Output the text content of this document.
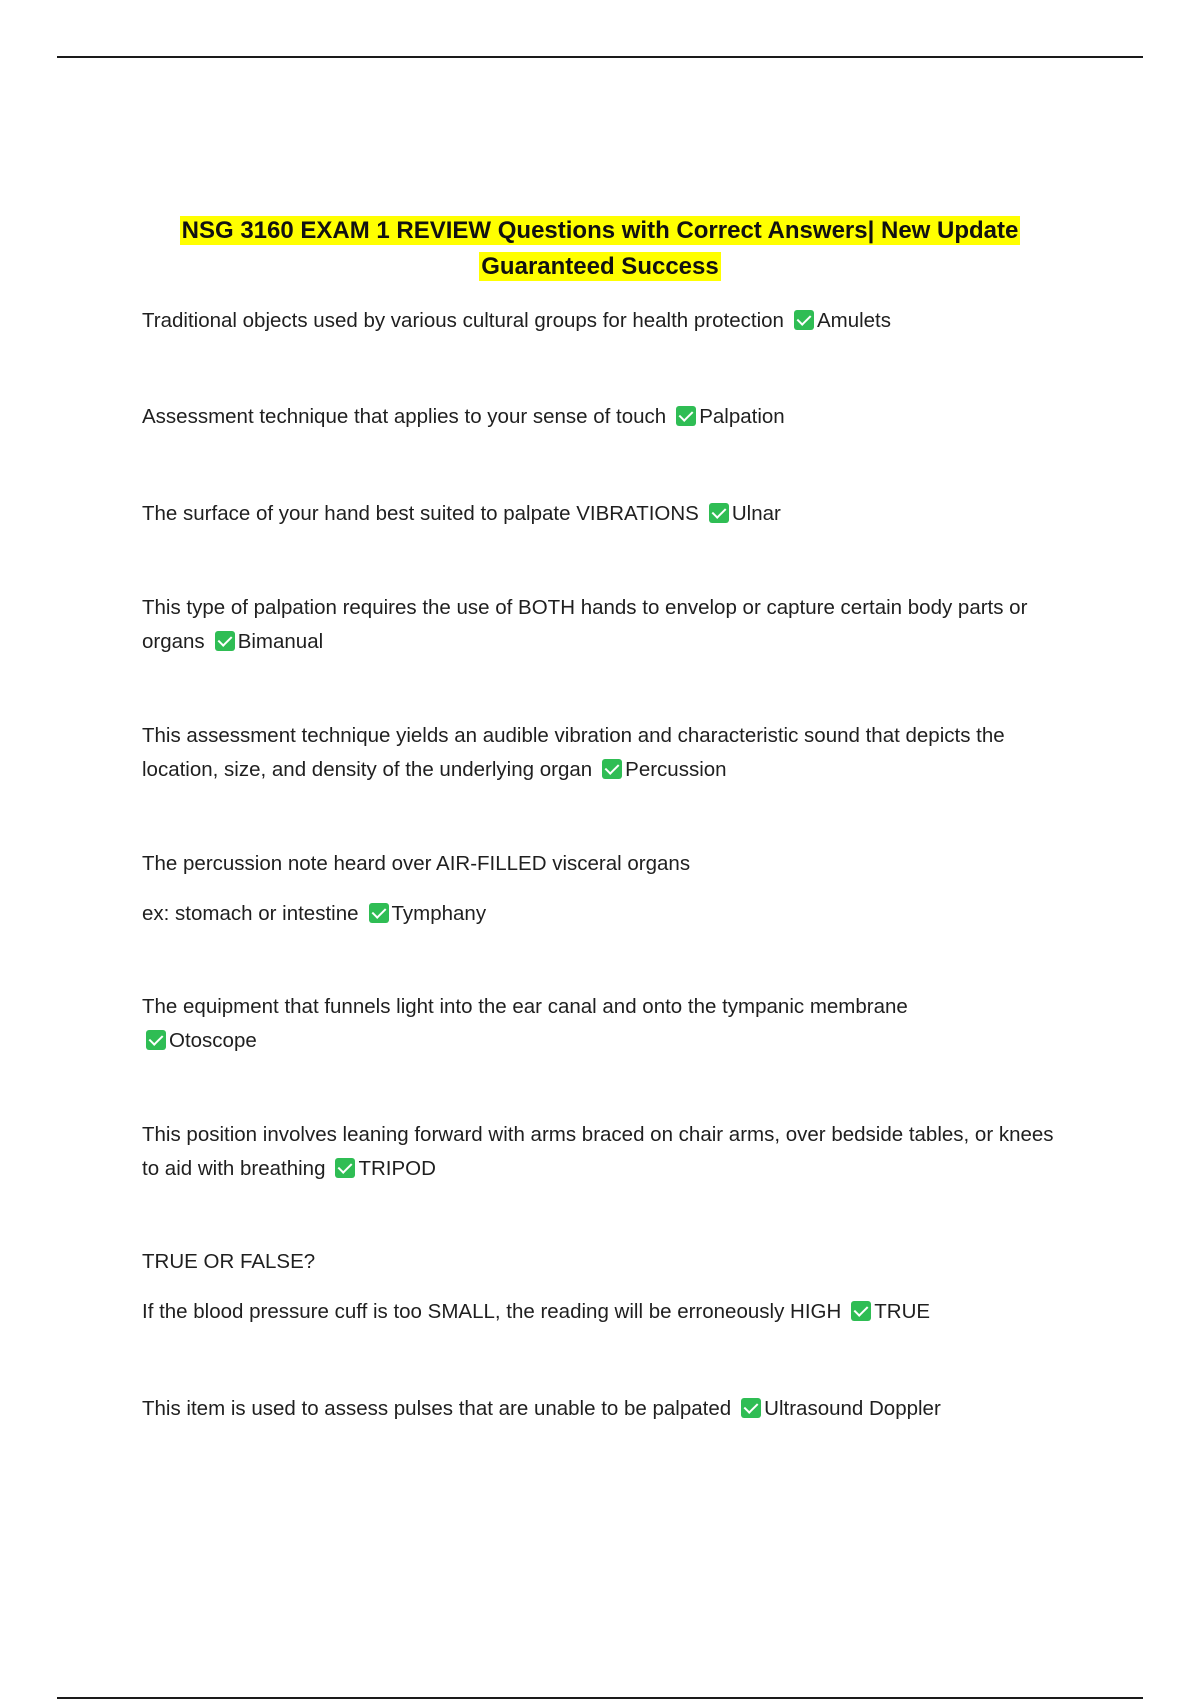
NSG 3160 EXAM 1 REVIEW Questions with Correct Answers| New Update
Guaranteed Success
Traditional objects used by various cultural groups for health protection Amulets
Assessment technique that applies to your sense of touch Palpation
The surface of your hand best suited to palpate VIBRATIONS Ulnar
This type of palpation requires the use of BOTH hands to envelop or capture certain body parts or organs Bimanual
This assessment technique yields an audible vibration and characteristic sound that depicts the location, size, and density of the underlying organ Percussion
The percussion note heard over AIR-FILLED visceral organs
ex: stomach or intestine Tymphany
The equipment that funnels light into the ear canal and onto the tympanic membrane
Otoscope
This position involves leaning forward with arms braced on chair arms, over bedside tables, or knees to aid with breathing TRIPOD
TRUE OR FALSE?
If the blood pressure cuff is too SMALL, the reading will be erroneously HIGH TRUE
This item is used to assess pulses that are unable to be palpated Ultrasound Doppler
